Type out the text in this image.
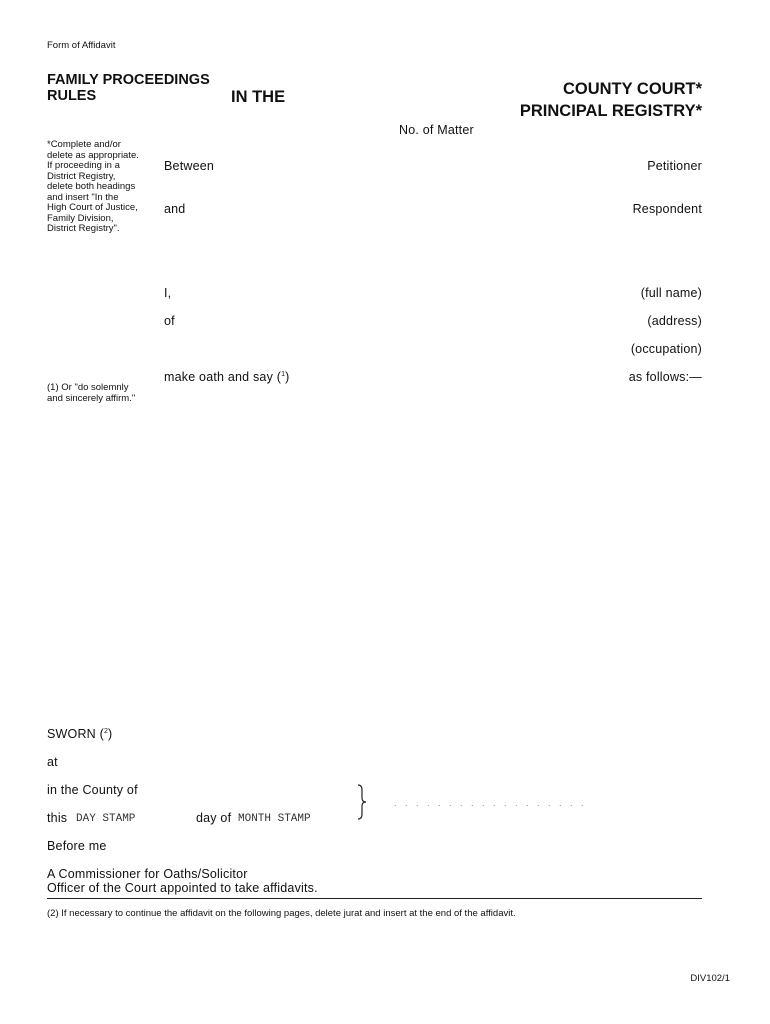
Form of Affidavit
FAMILY PROCEEDINGS
RULES	IN THE	COUNTY COURT*
PRINCIPAL REGISTRY*
No. of Matter
*Complete and/or delete as appropriate. If proceeding in a District Registry, delete both headings and insert "In the High Court of Justice, Family Division, District Registry".
(1) Or "do solemnly and sincerely affirm."
Between	Petitioner
and	Respondent
I,	(full name)
of	(address)
(occupation)
make oath and say ($^1$)	as follows:—
SWORN ($^2$)
at
in the County of
this DAY STAMP	day of MONTH STAMP
. . . . . . . . . . . . . . . . . .
Before me
A Commissioner for Oaths/Solicitor
Officer of the Court appointed to take affidavits.
(2) If necessary to continue the affidavit on the following pages, delete jurat and insert at the end of the affidavit.
DIV102/1
